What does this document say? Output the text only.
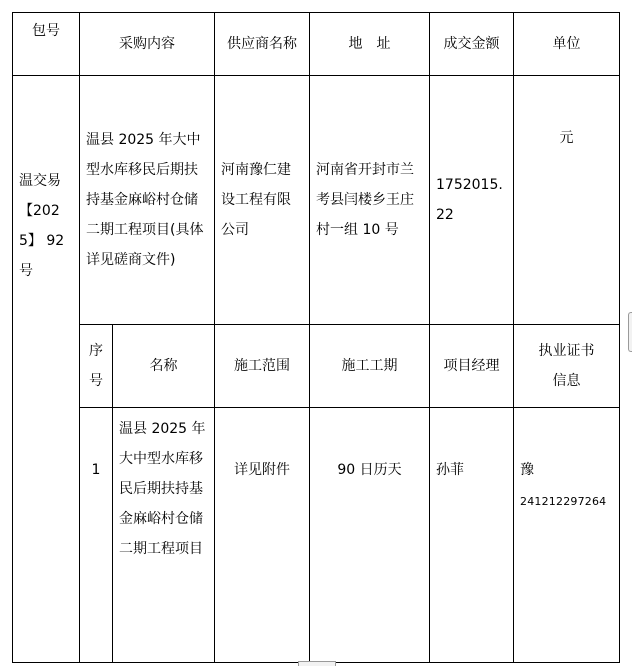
包号	采购内容		供应商名称	地　址	成交金额	单位
温交易【2025】 92号	温县 2025 年大中型水库移民后期扶持基金麻峪村仓储二期工程项目(具体详见磋商文件)		河南豫仁建设工程有限公司	河南省开封市兰考县闫楼乡王庄村一组 10 号	1752015.22	元
	序号	名称	施工范围	施工工期	项目经理	执业证书信息
	1	温县 2025 年大中型水库移民后期扶持基金麻峪村仓储二期工程项目	详见附件	90 日历天	孙菲	豫
241212297264
